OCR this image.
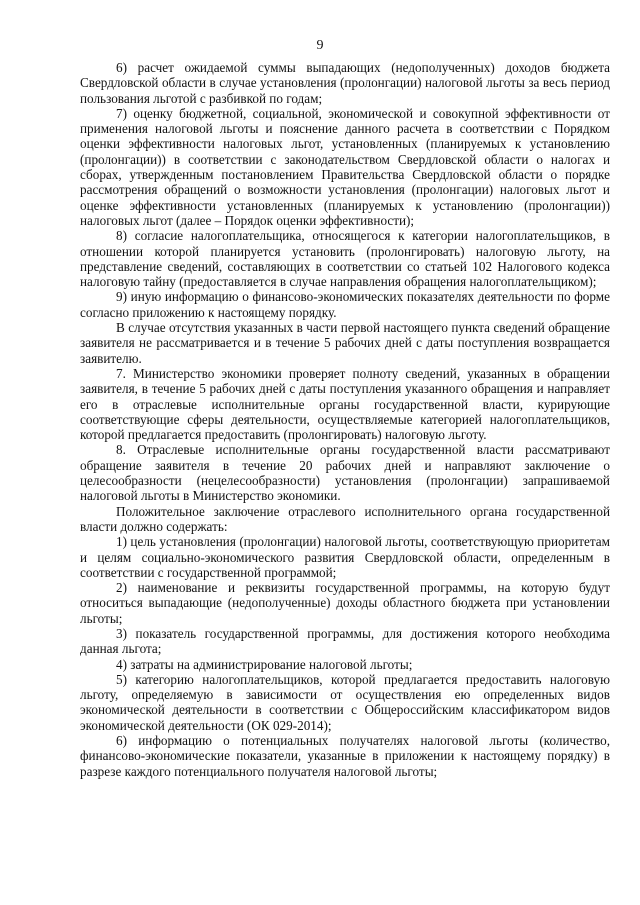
9

6) расчет ожидаемой суммы выпадающих (недополученных) доходов бюджета Свердловской области в случае установления (пролонгации) налоговой льготы за весь период пользования льготой с разбивкой по годам;

7) оценку бюджетной, социальной, экономической и совокупной эффективности от применения налоговой льготы и пояснение данного расчета в соответствии с Порядком оценки эффективности налоговых льгот, установленных (планируемых к установлению (пролонгации)) в соответствии с законодательством Свердловской области о налогах и сборах, утвержденным постановлением Правительства Свердловской области о порядке рассмотрения обращений о возможности установления (пролонгации) налоговых льгот и оценке эффективности установленных (планируемых к установлению (пролонгации)) налоговых льгот (далее – Порядок оценки эффективности);

8) согласие налогоплательщика, относящегося к категории налогоплательщиков, в отношении которой планируется установить (пролонгировать) налоговую льготу, на представление сведений, составляющих в соответствии со статьей 102 Налогового кодекса налоговую тайну (предоставляется в случае направления обращения налогоплательщиком);

9) иную информацию о финансово-экономических показателях деятельности по форме согласно приложению к настоящему порядку.

В случае отсутствия указанных в части первой настоящего пункта сведений обращение заявителя не рассматривается и в течение 5 рабочих дней с даты поступления возвращается заявителю.

7. Министерство экономики проверяет полноту сведений, указанных в обращении заявителя, в течение 5 рабочих дней с даты поступления указанного обращения и направляет его в отраслевые исполнительные органы государственной власти, курирующие соответствующие сферы деятельности, осуществляемые категорией налогоплательщиков, которой предлагается предоставить (пролонгировать) налоговую льготу.

8. Отраслевые исполнительные органы государственной власти рассматривают обращение заявителя в течение 20 рабочих дней и направляют заключение о целесообразности (нецелесообразности) установления (пролонгации) запрашиваемой налоговой льготы в Министерство экономики.

Положительное заключение отраслевого исполнительного органа государственной власти должно содержать:

1) цель установления (пролонгации) налоговой льготы, соответствующую приоритетам и целям социально-экономического развития Свердловской области, определенным в соответствии с государственной программой;

2) наименование и реквизиты государственной программы, на которую будут относиться выпадающие (недополученные) доходы областного бюджета при установлении льготы;

3) показатель государственной программы, для достижения которого необходима данная льгота;

4) затраты на администрирование налоговой льготы;

5) категорию налогоплательщиков, которой предлагается предоставить налоговую льготу, определяемую в зависимости от осуществления ею определенных видов экономической деятельности в соответствии с Общероссийским классификатором видов экономической деятельности (ОК 029-2014);

6) информацию о потенциальных получателях налоговой льготы (количество, финансово-экономические показатели, указанные в приложении к настоящему порядку) в разрезе каждого потенциального получателя налоговой льготы;
